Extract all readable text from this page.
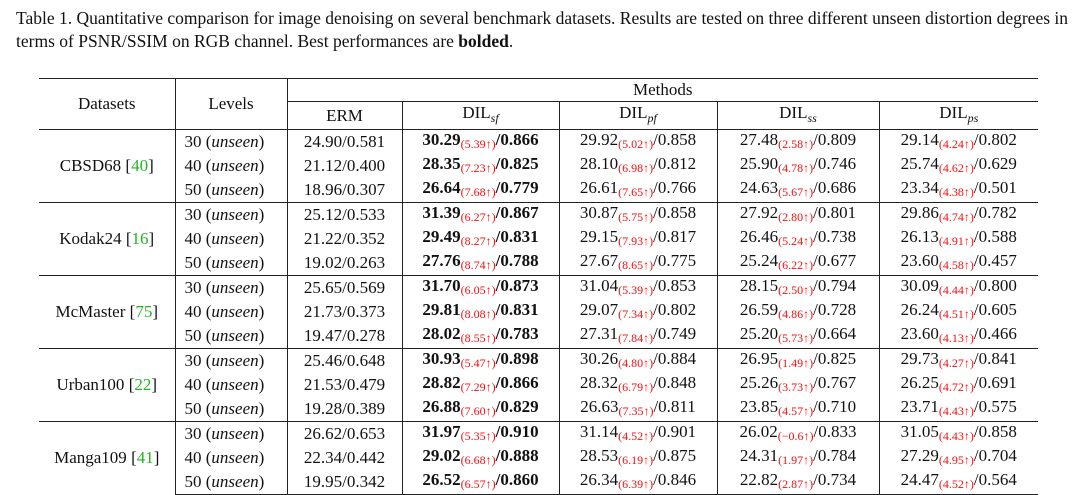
Table 1. Quantitative comparison for image denoising on several benchmark datasets. Results are tested on three different unseen distortion degrees in terms of PSNR/SSIM on RGB channel. Best performances are bolded.
Datasets	Levels	Methods				
		ERM	$DIL_{sf}$	$DIL_{pf}$	$DIL_{ss}$	$DIL_{ps}$
CBSD68 [40]	30 (unseen)	24.90/0.581	$30.29_{(5.39↑)}/0.866$	$29.92_{(5.02↑)}/0.858$	$27.48_{(2.58↑)}/0.809$	$29.14_{(4.24↑)}/0.802$
	40 (unseen)	21.12/0.400	$28.35_{(7.23↑)}/0.825$	$28.10_{(6.98↑)}/0.812$	$25.90_{(4.78↑)}/0.746$	$25.74_{(4.62↑)}/0.629$
	50 (unseen)	18.96/0.307	$26.64_{(7.68↑)}/0.779$	$26.61_{(7.65↑)}/0.766$	$24.63_{(5.67↑)}/0.686$	$23.34_{(4.38↑)}/0.501$
Kodak24 [16]	30 (unseen)	25.12/0.533	$31.39_{(6.27↑)}/0.867$	$30.87_{(5.75↑)}/0.858$	$27.92_{(2.80↑)}/0.801$	$29.86_{(4.74↑)}/0.782$
	40 (unseen)	21.22/0.352	$29.49_{(8.27↑)}/0.831$	$29.15_{(7.93↑)}/0.817$	$26.46_{(5.24↑)}/0.738$	$26.13_{(4.91↑)}/0.588$
	50 (unseen)	19.02/0.263	$27.76_{(8.74↑)}/0.788$	$27.67_{(8.65↑)}/0.775$	$25.24_{(6.22↑)}/0.677$	$23.60_{(4.58↑)}/0.457$
McMaster [75]	30 (unseen)	25.65/0.569	$31.70_{(6.05↑)}/0.873$	$31.04_{(5.39↑)}/0.853$	$28.15_{(2.50↑)}/0.794$	$30.09_{(4.44↑)}/0.800$
	40 (unseen)	21.73/0.373	$29.81_{(8.08↑)}/0.831$	$29.07_{(7.34↑)}/0.802$	$26.59_{(4.86↑)}/0.728$	$26.24_{(4.51↑)}/0.605$
	50 (unseen)	19.47/0.278	$28.02_{(8.55↑)}/0.783$	$27.31_{(7.84↑)}/0.749$	$25.20_{(5.73↑)}/0.664$	$23.60_{(4.13↑)}/0.466$
Urban100 [22]	30 (unseen)	25.46/0.648	$30.93_{(5.47↑)}/0.898$	$30.26_{(4.80↑)}/0.884$	$26.95_{(1.49↑)}/0.825$	$29.73_{(4.27↑)}/0.841$
	40 (unseen)	21.53/0.479	$28.82_{(7.29↑)}/0.866$	$28.32_{(6.79↑)}/0.848$	$25.26_{(3.73↑)}/0.767$	$26.25_{(4.72↑)}/0.691$
	50 (unseen)	19.28/0.389	$26.88_{(7.60↑)}/0.829$	$26.63_{(7.35↑)}/0.811$	$23.85_{(4.57↑)}/0.710$	$23.71_{(4.43↑)}/0.575$
Manga109 [41]	30 (unseen)	26.62/0.653	$31.97_{(5.35↑)}/0.910$	$31.14_{(4.52↑)}/0.901$	$26.02_{(-0.6↑)}/0.833$	$31.05_{(4.43↑)}/0.858$
	40 (unseen)	22.34/0.442	$29.02_{(6.68↑)}/0.888$	$28.53_{(6.19↑)}/0.875$	$24.31_{(1.97↑)}/0.784$	$27.29_{(4.95↑)}/0.704$
	50 (unseen)	19.95/0.342	$26.52_{(6.57↑)}/0.860$	$26.34_{(6.39↑)}/0.846$	$22.82_{(2.87↑)}/0.734$	$24.47_{(4.52↑)}/0.564$
